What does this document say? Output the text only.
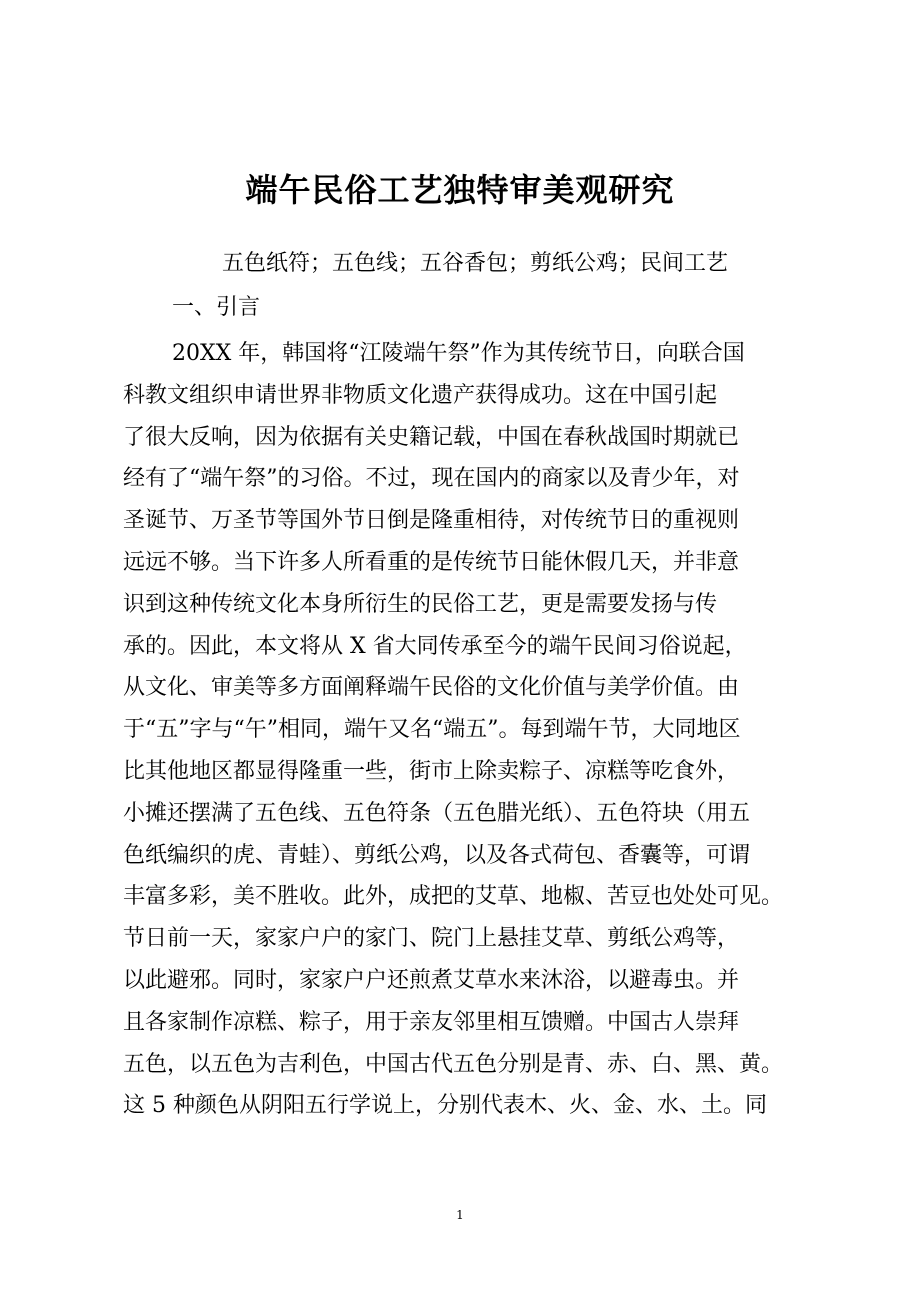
端午民俗工艺独特审美观研究
五色纸符；五色线；五谷香包；剪纸公鸡；民间工艺
一、引言
20XX 年，韩国将“江陵端午祭”作为其传统节日，向联合国
科教文组织申请世界非物质文化遗产获得成功。这在中国引起
了很大反响，因为依据有关史籍记载，中国在春秋战国时期就已
经有了“端午祭”的习俗。不过，现在国内的商家以及青少年，对
圣诞节、万圣节等国外节日倒是隆重相待，对传统节日的重视则
远远不够。当下许多人所看重的是传统节日能休假几天，并非意
识到这种传统文化本身所衍生的民俗工艺，更是需要发扬与传
承的。因此，本文将从 X 省大同传承至今的端午民间习俗说起，
从文化、审美等多方面阐释端午民俗的文化价值与美学价值。由
于“五”字与“午”相同，端午又名“端五”。每到端午节，大同地区
比其他地区都显得隆重一些，街市上除卖粽子、凉糕等吃食外，
小摊还摆满了五色线、五色符条（五色腊光纸）、五色符块（用五
色纸编织的虎、青蛙）、剪纸公鸡，以及各式荷包、香囊等，可谓
丰富多彩，美不胜收。此外，成把的艾草、地椒、苦豆也处处可见。
节日前一天，家家户户的家门、院门上悬挂艾草、剪纸公鸡等，
以此避邪。同时，家家户户还煎煮艾草水来沐浴，以避毒虫。并
且各家制作凉糕、粽子，用于亲友邻里相互馈赠。中国古人崇拜
五色，以五色为吉利色，中国古代五色分别是青、赤、白、黑、黄。
这 5 种颜色从阴阳五行学说上，分别代表木、火、金、水、土。同
1
